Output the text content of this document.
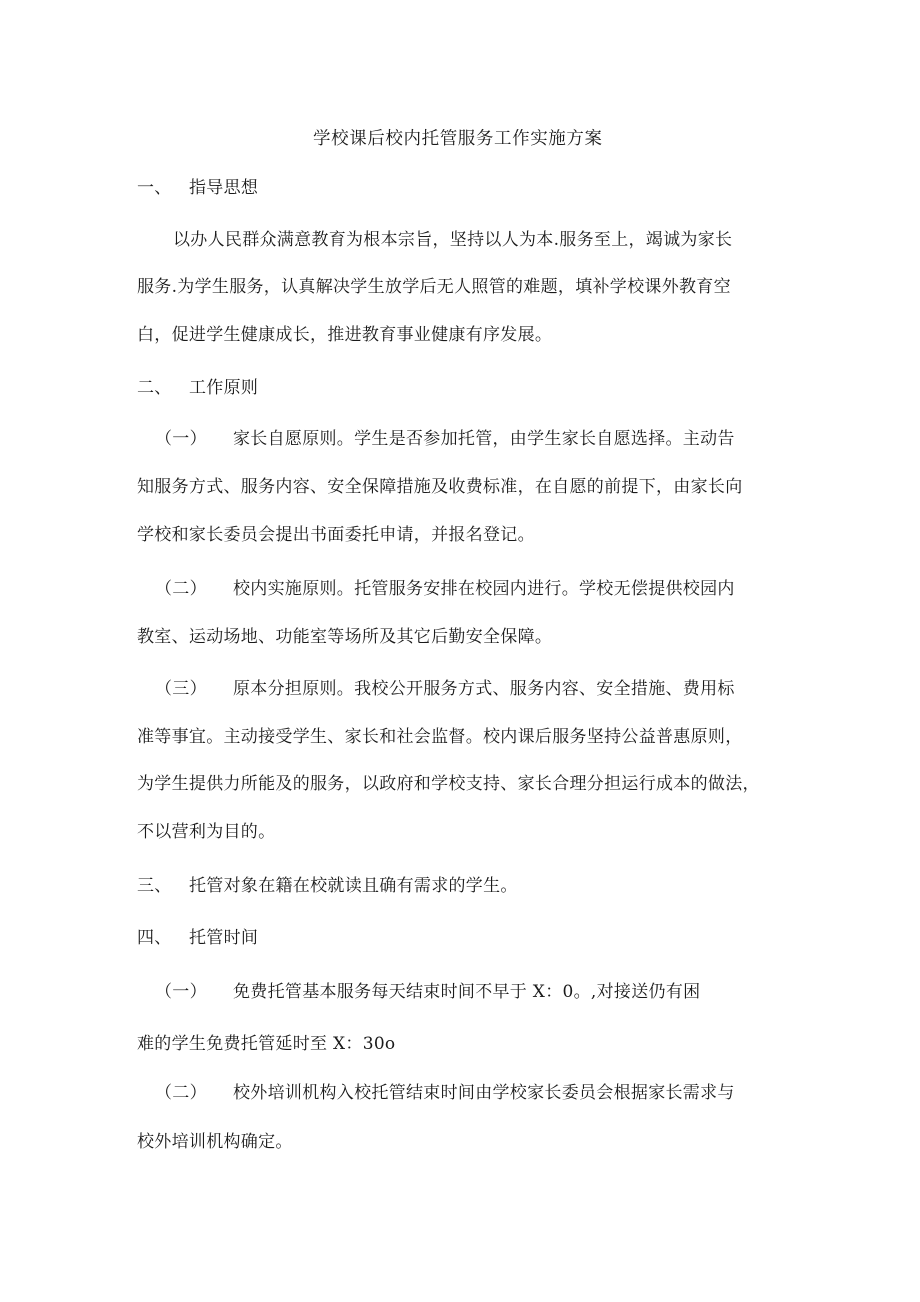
学校课后校内托管服务工作实施方案
一、 指导思想
以办人民群众满意教育为根本宗旨，坚持以人为本.服务至上，竭诚为家长
服务.为学生服务，认真解决学生放学后无人照管的难题，填补学校课外教育空
白，促进学生健康成长，推进教育事业健康有序发展。
二、 工作原则
（一） 家长自愿原则。学生是否参加托管，由学生家长自愿选择。主动告
知服务方式、服务内容、安全保障措施及收费标准，在自愿的前提下，由家长向
学校和家长委员会提出书面委托申请，并报名登记。
（二） 校内实施原则。托管服务安排在校园内进行。学校无偿提供校园内
教室、运动场地、功能室等场所及其它后勤安全保障。
（三） 原本分担原则。我校公开服务方式、服务内容、安全措施、费用标
准等事宜。主动接受学生、家长和社会监督。校内课后服务坚持公益普惠原则，
为学生提供力所能及的服务，以政府和学校支持、家长合理分担运行成本的做法，
不以营利为目的。
三、 托管对象在籍在校就读且确有需求的学生。
四、 托管时间
（一） 免费托管基本服务每天结束时间不早于 X：0。,对接送仍有困
难的学生免费托管延时至 X：30o
（二） 校外培训机构入校托管结束时间由学校家长委员会根据家长需求与
校外培训机构确定。
